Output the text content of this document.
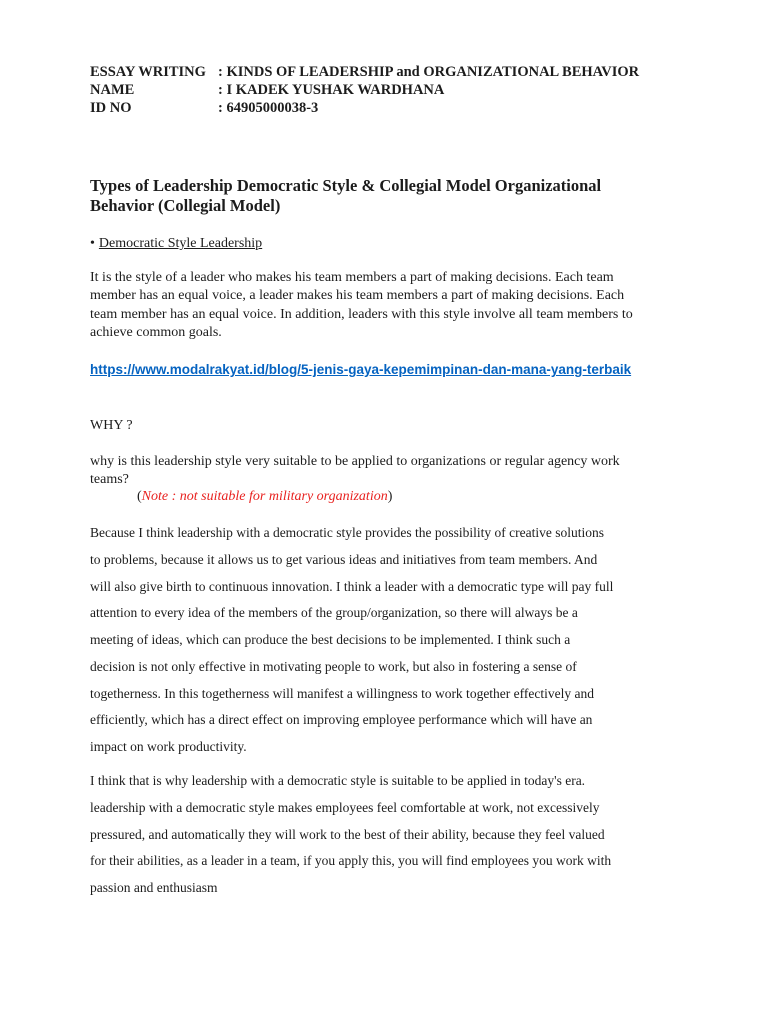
ESSAY WRITING : KINDS OF LEADERSHIP and ORGANIZATIONAL BEHAVIOR
NAME	: I KADEK YUSHAK WARDHANA
ID NO	: 64905000038-3
Types of Leadership Democratic Style & Collegial Model Organizational
Behavior (Collegial Model)
• Democratic Style Leadership
It is the style of a leader who makes his team members a part of making decisions. Each team
member has an equal voice, a leader makes his team members a part of making decisions. Each
team member has an equal voice. In addition, leaders with this style involve all team members to
achieve common goals.
https://www.modalrakyat.id/blog/5-jenis-gaya-kepemimpinan-dan-mana-yang-terbaik
WHY ?
why is this leadership style very suitable to be applied to organizations or regular agency work
teams?
(Note : not suitable for military organization)
Because I think leadership with a democratic style provides the possibility of creative solutions
to problems, because it allows us to get various ideas and initiatives from team members. And
will also give birth to continuous innovation. I think a leader with a democratic type will pay full
attention to every idea of the members of the group/organization, so there will always be a
meeting of ideas, which can produce the best decisions to be implemented. I think such a
decision is not only effective in motivating people to work, but also in fostering a sense of
togetherness. In this togetherness will manifest a willingness to work together effectively and
efficiently, which has a direct effect on improving employee performance which will have an
impact on work productivity.
I think that is why leadership with a democratic style is suitable to be applied in today's era.
leadership with a democratic style makes employees feel comfortable at work, not excessively
pressured, and automatically they will work to the best of their ability, because they feel valued
for their abilities, as a leader in a team, if you apply this, you will find employees you work with
passion and enthusiasm
